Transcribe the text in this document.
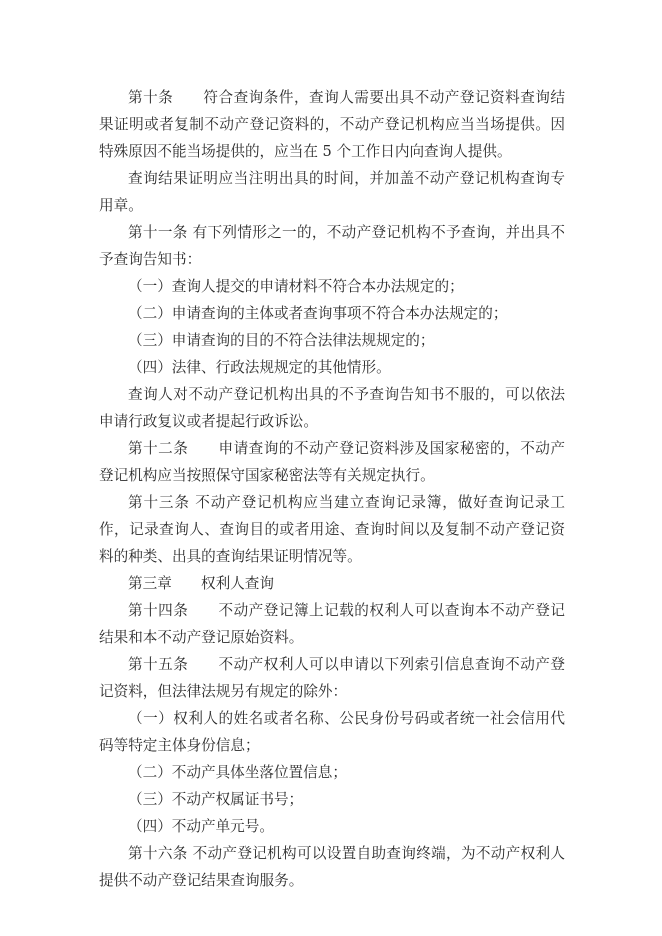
第十条　　符合查询条件，查询人需要出具不动产登记资料查询结果证明或者复制不动产登记资料的，不动产登记机构应当当场提供。因特殊原因不能当场提供的，应当在 5 个工作日内向查询人提供。

查询结果证明应当注明出具的时间，并加盖不动产登记机构查询专用章。

第十一条 有下列情形之一的，不动产登记机构不予查询，并出具不予查询告知书：

（一）查询人提交的申请材料不符合本办法规定的；

（二）申请查询的主体或者查询事项不符合本办法规定的；

（三）申请查询的目的不符合法律法规规定的；

（四）法律、行政法规规定的其他情形。

查询人对不动产登记机构出具的不予查询告知书不服的，可以依法申请行政复议或者提起行政诉讼。

第十二条　　申请查询的不动产登记资料涉及国家秘密的，不动产登记机构应当按照保守国家秘密法等有关规定执行。

第十三条 不动产登记机构应当建立查询记录簿，做好查询记录工作，记录查询人、查询目的或者用途、查询时间以及复制不动产登记资料的种类、出具的查询结果证明情况等。

第三章　　权利人查询

第十四条　　不动产登记簿上记载的权利人可以查询本不动产登记结果和本不动产登记原始资料。

第十五条　　不动产权利人可以申请以下列索引信息查询不动产登记资料，但法律法规另有规定的除外：

（一）权利人的姓名或者名称、公民身份号码或者统一社会信用代码等特定主体身份信息；

（二）不动产具体坐落位置信息；

（三）不动产权属证书号；

（四）不动产单元号。

第十六条 不动产登记机构可以设置自助查询终端，为不动产权利人提供不动产登记结果查询服务。
